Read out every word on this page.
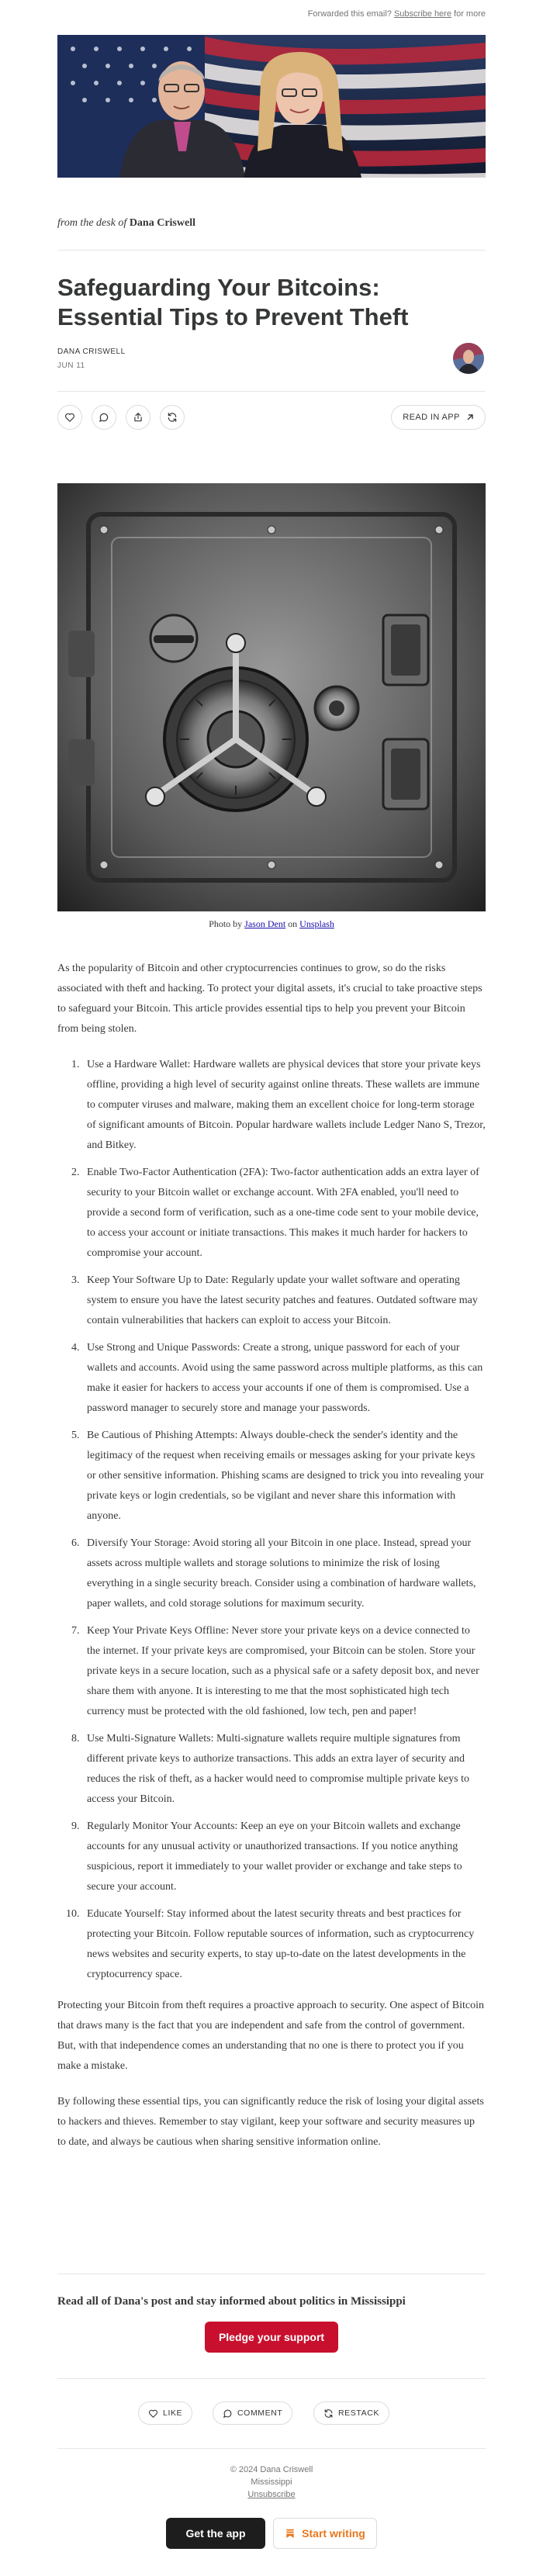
Forwarded this email? Subscribe here for more
from the desk of Dana Criswell
Safeguarding Your Bitcoins: Essential Tips to Prevent Theft
DANA CRISWELL
JUN 11
READ IN APP
Photo by Jason Dent on Unsplash

As the popularity of Bitcoin and other cryptocurrencies continues to grow, so do the risks associated with theft and hacking. To protect your digital assets, it's crucial to take proactive steps to safeguard your Bitcoin. This article provides essential tips to help you prevent your Bitcoin from being stolen.

1. Use a Hardware Wallet: Hardware wallets are physical devices that store your private keys offline, providing a high level of security against online threats. These wallets are immune to computer viruses and malware, making them an excellent choice for long-term storage of significant amounts of Bitcoin. Popular hardware wallets include Ledger Nano S, Trezor, and Bitkey.
2. Enable Two-Factor Authentication (2FA): Two-factor authentication adds an extra layer of security to your Bitcoin wallet or exchange account. With 2FA enabled, you'll need to provide a second form of verification, such as a one-time code sent to your mobile device, to access your account or initiate transactions. This makes it much harder for hackers to compromise your account.
3. Keep Your Software Up to Date: Regularly update your wallet software and operating system to ensure you have the latest security patches and features. Outdated software may contain vulnerabilities that hackers can exploit to access your Bitcoin.
4. Use Strong and Unique Passwords: Create a strong, unique password for each of your wallets and accounts. Avoid using the same password across multiple platforms, as this can make it easier for hackers to access your accounts if one of them is compromised. Use a password manager to securely store and manage your passwords.
5. Be Cautious of Phishing Attempts: Always double-check the sender's identity and the legitimacy of the request when receiving emails or messages asking for your private keys or other sensitive information. Phishing scams are designed to trick you into revealing your private keys or login credentials, so be vigilant and never share this information with anyone.
6. Diversify Your Storage: Avoid storing all your Bitcoin in one place. Instead, spread your assets across multiple wallets and storage solutions to minimize the risk of losing everything in a single security breach. Consider using a combination of hardware wallets, paper wallets, and cold storage solutions for maximum security.
7. Keep Your Private Keys Offline: Never store your private keys on a device connected to the internet. If your private keys are compromised, your Bitcoin can be stolen. Store your private keys in a secure location, such as a physical safe or a safety deposit box, and never share them with anyone. It is interesting to me that the most sophisticated high tech currency must be protected with the old fashioned, low tech, pen and paper!
8. Use Multi-Signature Wallets: Multi-signature wallets require multiple signatures from different private keys to authorize transactions. This adds an extra layer of security and reduces the risk of theft, as a hacker would need to compromise multiple private keys to access your Bitcoin.
9. Regularly Monitor Your Accounts: Keep an eye on your Bitcoin wallets and exchange accounts for any unusual activity or unauthorized transactions. If you notice anything suspicious, report it immediately to your wallet provider or exchange and take steps to secure your account.
10. Educate Yourself: Stay informed about the latest security threats and best practices for protecting your Bitcoin. Follow reputable sources of information, such as cryptocurrency news websites and security experts, to stay up-to-date on the latest developments in the cryptocurrency space.

Protecting your Bitcoin from theft requires a proactive approach to security. One aspect of Bitcoin that draws many is the fact that you are independent and safe from the control of government. But, with that independence comes an understanding that no one is there to protect you if you make a mistake.

By following these essential tips, you can significantly reduce the risk of losing your digital assets to hackers and thieves. Remember to stay vigilant, keep your software and security measures up to date, and always be cautious when sharing sensitive information online.

Read all of Dana's post and stay informed about politics in Mississippi
Pledge your support
LIKE	COMMENT	RESTACK
© 2024 Dana Criswell
Mississippi
Unsubscribe
Get the app	Start writing
